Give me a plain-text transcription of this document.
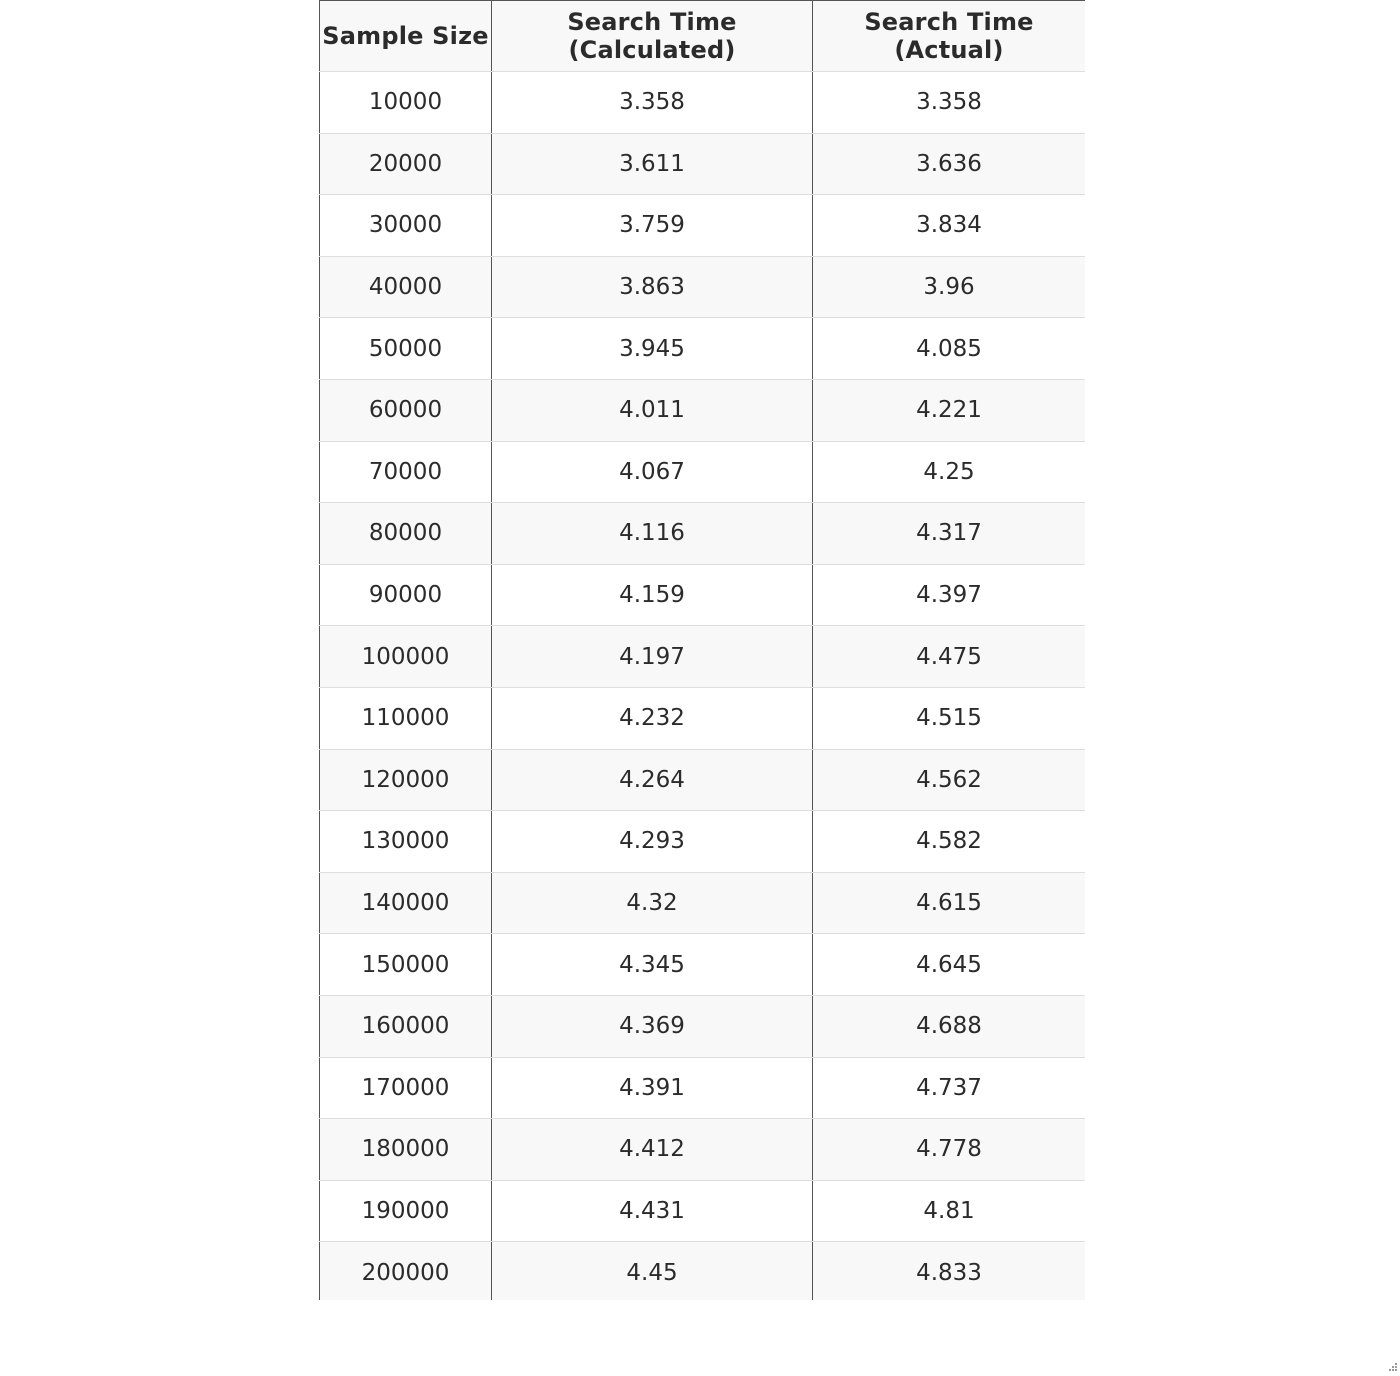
Sample Size	Search Time (Calculated)	Search Time (Actual)
10000	3.358	3.358
20000	3.611	3.636
30000	3.759	3.834
40000	3.863	3.96
50000	3.945	4.085
60000	4.011	4.221
70000	4.067	4.25
80000	4.116	4.317
90000	4.159	4.397
100000	4.197	4.475
110000	4.232	4.515
120000	4.264	4.562
130000	4.293	4.582
140000	4.32	4.615
150000	4.345	4.645
160000	4.369	4.688
170000	4.391	4.737
180000	4.412	4.778
190000	4.431	4.81
200000	4.45	4.833
